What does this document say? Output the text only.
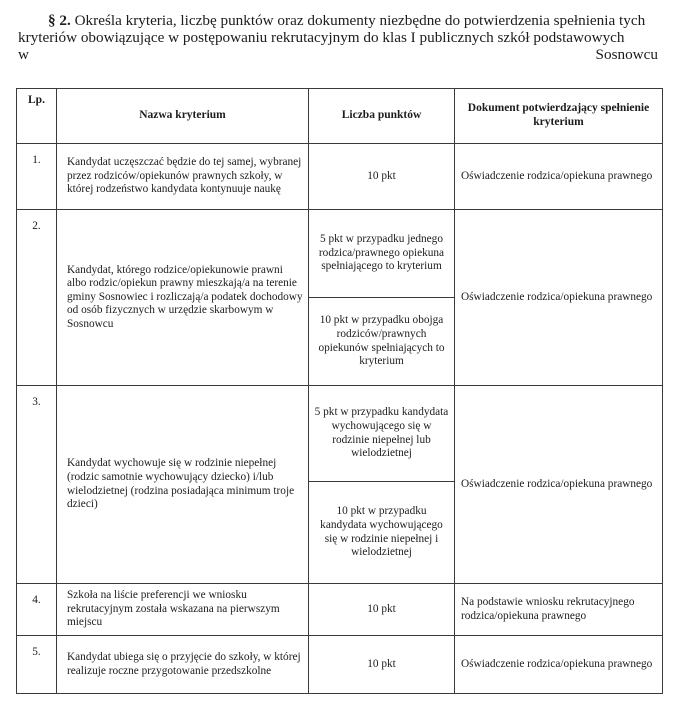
§ 2. Określa kryteria, liczbę punktów oraz dokumenty niezbędne do potwierdzenia spełnienia tych
kryteriów obowiązujące w postępowaniu rekrutacyjnym do klas I publicznych szkół podstawowych
w	Sosnowcu
Lp.	Nazwa kryterium	Liczba punktów	Dokument potwierdzający spełnienie kryterium
1.	Kandydat uczęszczać będzie do tej samej, wybranej przez rodziców/opiekunów prawnych szkoły, w której rodzeństwo kandydata kontynuuje naukę	10 pkt	Oświadczenie rodzica/opiekuna prawnego
2.	Kandydat, którego rodzice/opiekunowie prawni albo rodzic/opiekun prawny mieszkają/a na terenie gminy Sosnowiec i rozliczają/a podatek dochodowy od osób fizycznych w urzędzie skarbowym w Sosnowcu	5 pkt w przypadku jednego rodzica/prawnego opiekuna spełniającego to kryterium	Oświadczenie rodzica/opiekuna prawnego
		10 pkt w przypadku obojga rodziców/prawnych opiekunów spełniających to kryterium	
3.	Kandydat wychowuje się w rodzinie niepełnej (rodzic samotnie wychowujący dziecko) i/lub wielodzietnej (rodzina posiadająca minimum troje dzieci)	5 pkt w przypadku kandydata wychowującego się w rodzinie niepełnej lub wielodzietnej	Oświadczenie rodzica/opiekuna prawnego
		10 pkt w przypadku kandydata wychowującego się w rodzinie niepełnej i wielodzietnej	
4.	Szkoła na liście preferencji we wniosku rekrutacyjnym została wskazana na pierwszym miejscu	10 pkt	Na podstawie wniosku rekrutacyjnego rodzica/opiekuna prawnego
5.	Kandydat ubiega się o przyjęcie do szkoły, w której realizuje roczne przygotowanie przedszkolne	10 pkt	Oświadczenie rodzica/opiekuna prawnego
